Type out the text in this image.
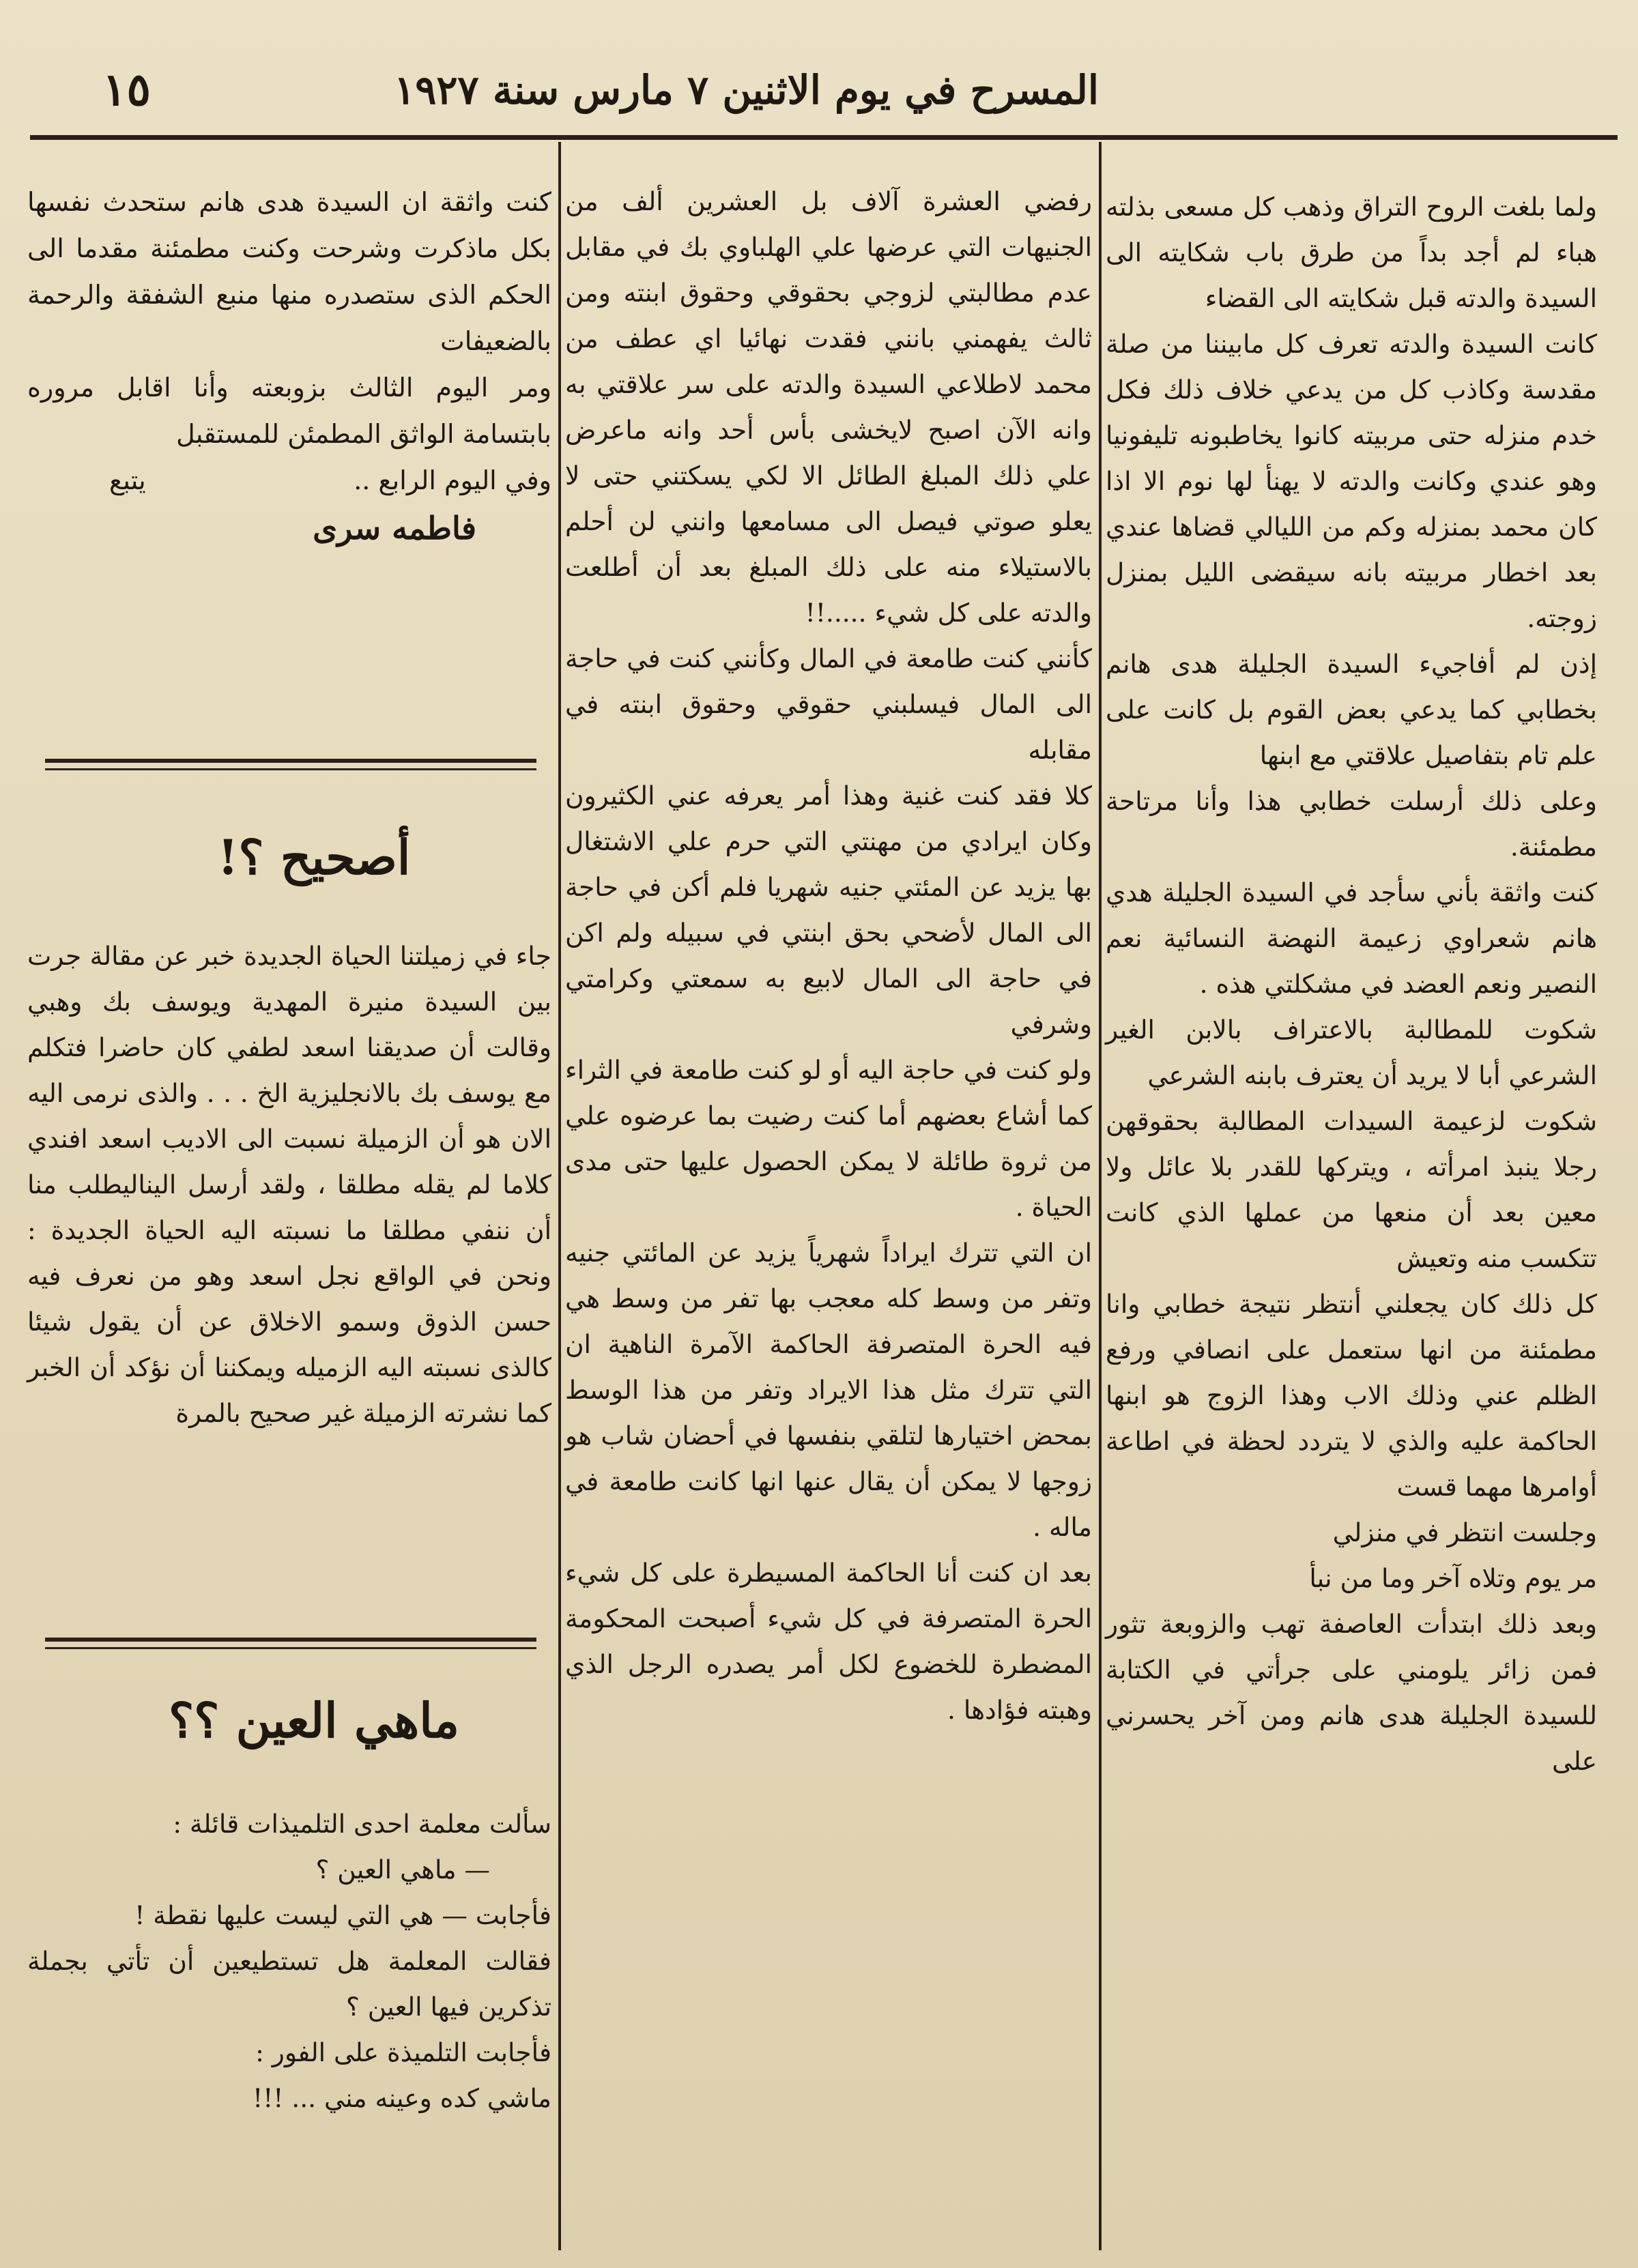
المسرح في يوم الاثنين ٧ مارس سنة ١٩٢٧
١٥

ولما بلغت الروح التراق وذهب كل مسعى بذلته هباء لم أجد بداً من طرق باب شكايته الى السيدة والدته قبل شكايته الى القضاء

كانت السيدة والدته تعرف كل مابيننا من صلة مقدسة وكاذب كل من يدعي خلاف ذلك فكل خدم منزله حتى مربيته كانوا يخاطبونه تليفونيا وهو عندي وكانت والدته لا يهنأ لها نوم الا اذا كان محمد بمنزله وكم من الليالي قضاها عندي بعد اخطار مربيته بانه سيقضى الليل بمنزل زوجته.

إذن لم أفاجيء السيدة الجليلة هدى هانم بخطابي كما يدعي بعض القوم بل كانت على علم تام بتفاصيل علاقتي مع ابنها

وعلى ذلك أرسلت خطابي هذا وأنا مرتاحة مطمئنة.

كنت واثقة بأني سأجد في السيدة الجليلة هدي هانم شعراوي زعيمة النهضة النسائية نعم النصير ونعم العضد في مشكلتي هذه .

شكوت للمطالبة بالاعتراف بالابن الغير الشرعي أبا لا يريد أن يعترف بابنه الشرعي

شكوت لزعيمة السيدات المطالبة بحقوقهن رجلا ينبذ امرأته ، ويتركها للقدر بلا عائل ولا معين بعد أن منعها من عملها الذي كانت تتكسب منه وتعيش

كل ذلك كان يجعلني أنتظر نتيجة خطابي وانا مطمئنة من انها ستعمل على انصافي ورفع الظلم عني وذلك الاب وهذا الزوج هو ابنها الحاكمة عليه والذي لا يتردد لحظة في اطاعة أوامرها مهما قست

وجلست انتظر في منزلي

مر يوم وتلاه آخر وما من نبأ

وبعد ذلك ابتدأت العاصفة تهب والزوبعة تثور فمن زائر يلومني على جرأتي في الكتابة للسيدة الجليلة هدى هانم ومن آخر يحسرني على

رفضي العشرة آلاف بل العشرين ألف من الجنيهات التي عرضها علي الهلباوي بك في مقابل عدم مطالبتي لزوجي بحقوقي وحقوق ابنته ومن ثالث يفهمني بانني فقدت نهائيا اي عطف من محمد لاطلاعي السيدة والدته على سر علاقتي به وانه الآن اصبح لايخشى بأس أحد وانه ماعرض علي ذلك المبلغ الطائل الا لكي يسكتني حتى لا يعلو صوتي فيصل الى مسامعها وانني لن أحلم بالاستيلاء منه على ذلك المبلغ بعد أن أطلعت والدته على كل شيء .....!!

كأنني كنت طامعة في المال وكأنني كنت في حاجة الى المال فيسلبني حقوقي وحقوق ابنته في مقابله

كلا فقد كنت غنية وهذا أمر يعرفه عني الكثيرون وكان ايرادي من مهنتي التي حرم علي الاشتغال بها يزيد عن المئتي جنيه شهريا فلم أكن في حاجة الى المال لأضحي بحق ابنتي في سبيله ولم اكن في حاجة الى المال لابيع به سمعتي وكرامتي وشرفي

ولو كنت في حاجة اليه أو لو كنت طامعة في الثراء كما أشاع بعضهم أما كنت رضيت بما عرضوه علي من ثروة طائلة لا يمكن الحصول عليها حتى مدى الحياة .

ان التي تترك ايراداً شهرياً يزيد عن المائتي جنيه وتفر من وسط كله معجب بها تفر من وسط هي فيه الحرة المتصرفة الحاكمة الآمرة الناهية ان التي تترك مثل هذا الايراد وتفر من هذا الوسط بمحض اختيارها لتلقي بنفسها في أحضان شاب هو زوجها لا يمكن أن يقال عنها انها كانت طامعة في ماله .

بعد ان كنت أنا الحاكمة المسيطرة على كل شيء الحرة المتصرفة في كل شيء أصبحت المحكومة المضطرة للخضوع لكل أمر يصدره الرجل الذي وهبته فؤادها .

كنت واثقة ان السيدة هدى هانم ستحدث نفسها بكل ماذكرت وشرحت وكنت مطمئنة مقدما الى الحكم الذى ستصدره منها منبع الشفقة والرحمة بالضعيفات

ومر اليوم الثالث بزوبعته وأنا اقابل مروره بابتسامة الواثق المطمئن للمستقبل

وفي اليوم الرابع ..

يتبع

فاطمه سرى
أصحيح ؟!

جاء في زميلتنا الحياة الجديدة خبر عن مقالة جرت بين السيدة منيرة المهدية ويوسف بك وهبي وقالت أن صديقنا اسعد لطفي كان حاضرا فتكلم مع يوسف بك بالانجليزية الخ . . . والذى نرمى اليه الان هو أن الزميلة نسبت الى الاديب اسعد افندي كلاما لم يقله مطلقا ، ولقد أرسل اليناليطلب منا أن ننفي مطلقا ما نسبته اليه الحياة الجديدة : ونحن في الواقع نجل اسعد وهو من نعرف فيه حسن الذوق وسمو الاخلاق عن أن يقول شيئا كالذى نسبته اليه الزميله ويمكننا أن نؤكد أن الخبر كما نشرته الزميلة غير صحيح بالمرة

ماهي العين ؟؟

سألت معلمة احدى التلميذات قائلة :

— ماهي العين ؟

فأجابت — هي التي ليست عليها نقطة !

فقالت المعلمة هل تستطيعين أن تأتي بجملة تذكرين فيها العين ؟

فأجابت التلميذة على الفور :

ماشي كده وعينه مني ... !!!
